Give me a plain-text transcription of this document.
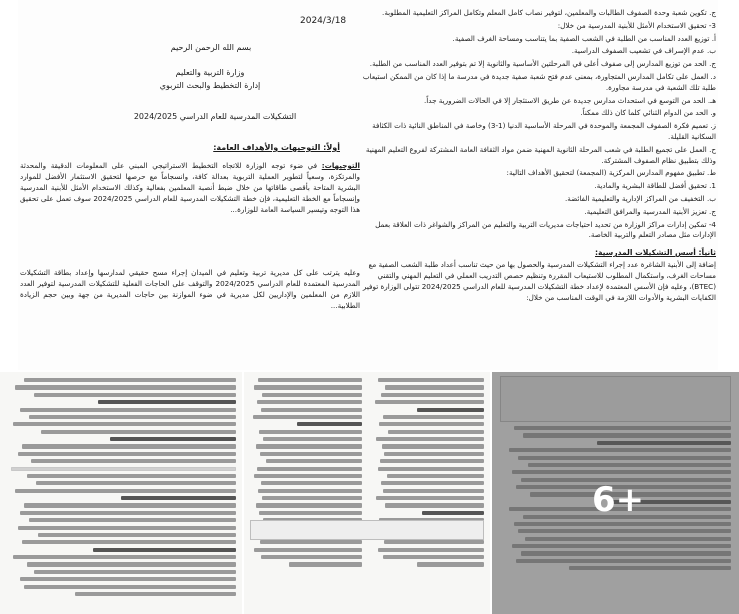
2024/3/18
بسم الله الرحمن الرحيم
وزارة التربية والتعليم
إدارة التخطيط والبحث التربوي
التشكيلات المدرسية للعام الدراسي 2024/2025
أولاً: التوجيهات والأهداف العامة:

التوجيهات: في ضوء توجه الوزارة للاتجاه التخطيط الاستراتيجي المبني على المعلومات الدقيقة والمحدثة والمرتكزة، وسعياً لتطوير العملية التربوية بعدالة كافة، وانسجاماً مع حرصها لتحقيق الاستثمار الأفضل للموارد البشرية المتاحة بأقصى طاقاتها من خلال ضبط أنصبة المعلمين بفعالية وكذلك الاستخدام الأمثل للأبنية المدرسية وإنسجاماً مع الخطة التعليمية، فإن خطة التشكيلات المدرسية للعام الدراسي 2024/2025 سوف تعمل على تحقيق هذا التوجه وتيسير السياسة العامة للوزارة...

وعليه يترتب على كل مديرية تربية وتعليم في الميدان إجراء مسح حقيقي لمدارسها وإعداد بطاقة التشكيلات المدرسية المعتمدة للعام الدراسي 2024/2025 والتوقف على الحاجات الفعلية للتشكيلات المدرسية لتوفير العدد اللازم من المعلمين والإداريين لكل مديرية في ضوء الموازنة بين حاجات المديرية من جهة وبين حجم الزيادة الطلابية...

ج. تكوين شعبة وحدة الصفوف الطالبات والمعلمين، لتوفير نصاب كامل المعلم وتكامل المراكز التعليمية المطلوبة.

3- تحقيق الاستخدام الأمثل للأبنية المدرسية من خلال:

أ. توزيع العدد المناسب من الطلبة في الشعب الصفية بما يتناسب ومساحة الغرف الصفية.

ب. عدم الإسراف في تشعيب الصفوف الدراسية.

ج. الحد من توزيع المدارس إلى صفوف أعلى في المرحلتين الأساسية والثانوية إلا تم بتوفير العدد المناسب من الطلبة.

د. العمل على تكامل المدارس المتجاورة، بمعنى عدم فتح شعبة صفية جديدة في مدرسة ما إذا كان من الممكن استيعاب طلبة تلك الشعبة في مدرسة مجاورة.

هـ. الحد من التوسع في استحداث مدارس جديدة عن طريق الاستئجار إلا في الحالات الضرورية جداً.

و. الحد من الدوام الثنائي كلما كان ذلك ممكناً.

ز. تعميم فكرة الصفوف المجمعة والموحدة في المرحلة الأساسية الدنيا (1-3) وخاصة في المناطق النائية ذات الكثافة السكانية القليلة.

ح. العمل على تجميع الطلبة في شعب المرحلة الثانوية المهنية ضمن مواد الثقافة العامة المشتركة لفروع التعليم المهنية وذلك بتطبيق نظام الصفوف المشتركة.

ط. تطبيق مفهوم المدارس المركزية (المجمعة) لتحقيق الأهداف التالية:

1. تحقيق أفضل للطاقة البشرية والمادية.

ب. التخفيف من المراكز الإدارية والتعليمية الفائضة.

ج. تعزيز الأبنية المدرسية والمرافق التعليمية.

4- تمكين إدارات مراكز الوزارة من تحديد احتياجات مديريات التربية والتعليم من المراكز والشواغر ذات العلاقة بعمل الإدارات مثل مصادر التعلم والتربية الخاصة.

ثانياً: أسس التشكيلات المدرسية:

إضافة إلى الأبنية الشاغرة عدد إجراء التشكيلات المدرسية والحصول بها من حيث تناسب أعداد طلبة الشعب الصفية مع مساحات الغرف، واستكمال المطلوب للاستيعاب المقررة وتنظيم حصص التدريب العملي في التعليم المهني والتقني (BTEC)، وعليه فإن الأسس المعتمدة لإعداد خطة التشكيلات المدرسية للعام الدراسي 2024/2025 تتولى الوزارة توفير الكفايات البشرية والأدوات اللازمة في الوقت المناسب من خلال:

6+
